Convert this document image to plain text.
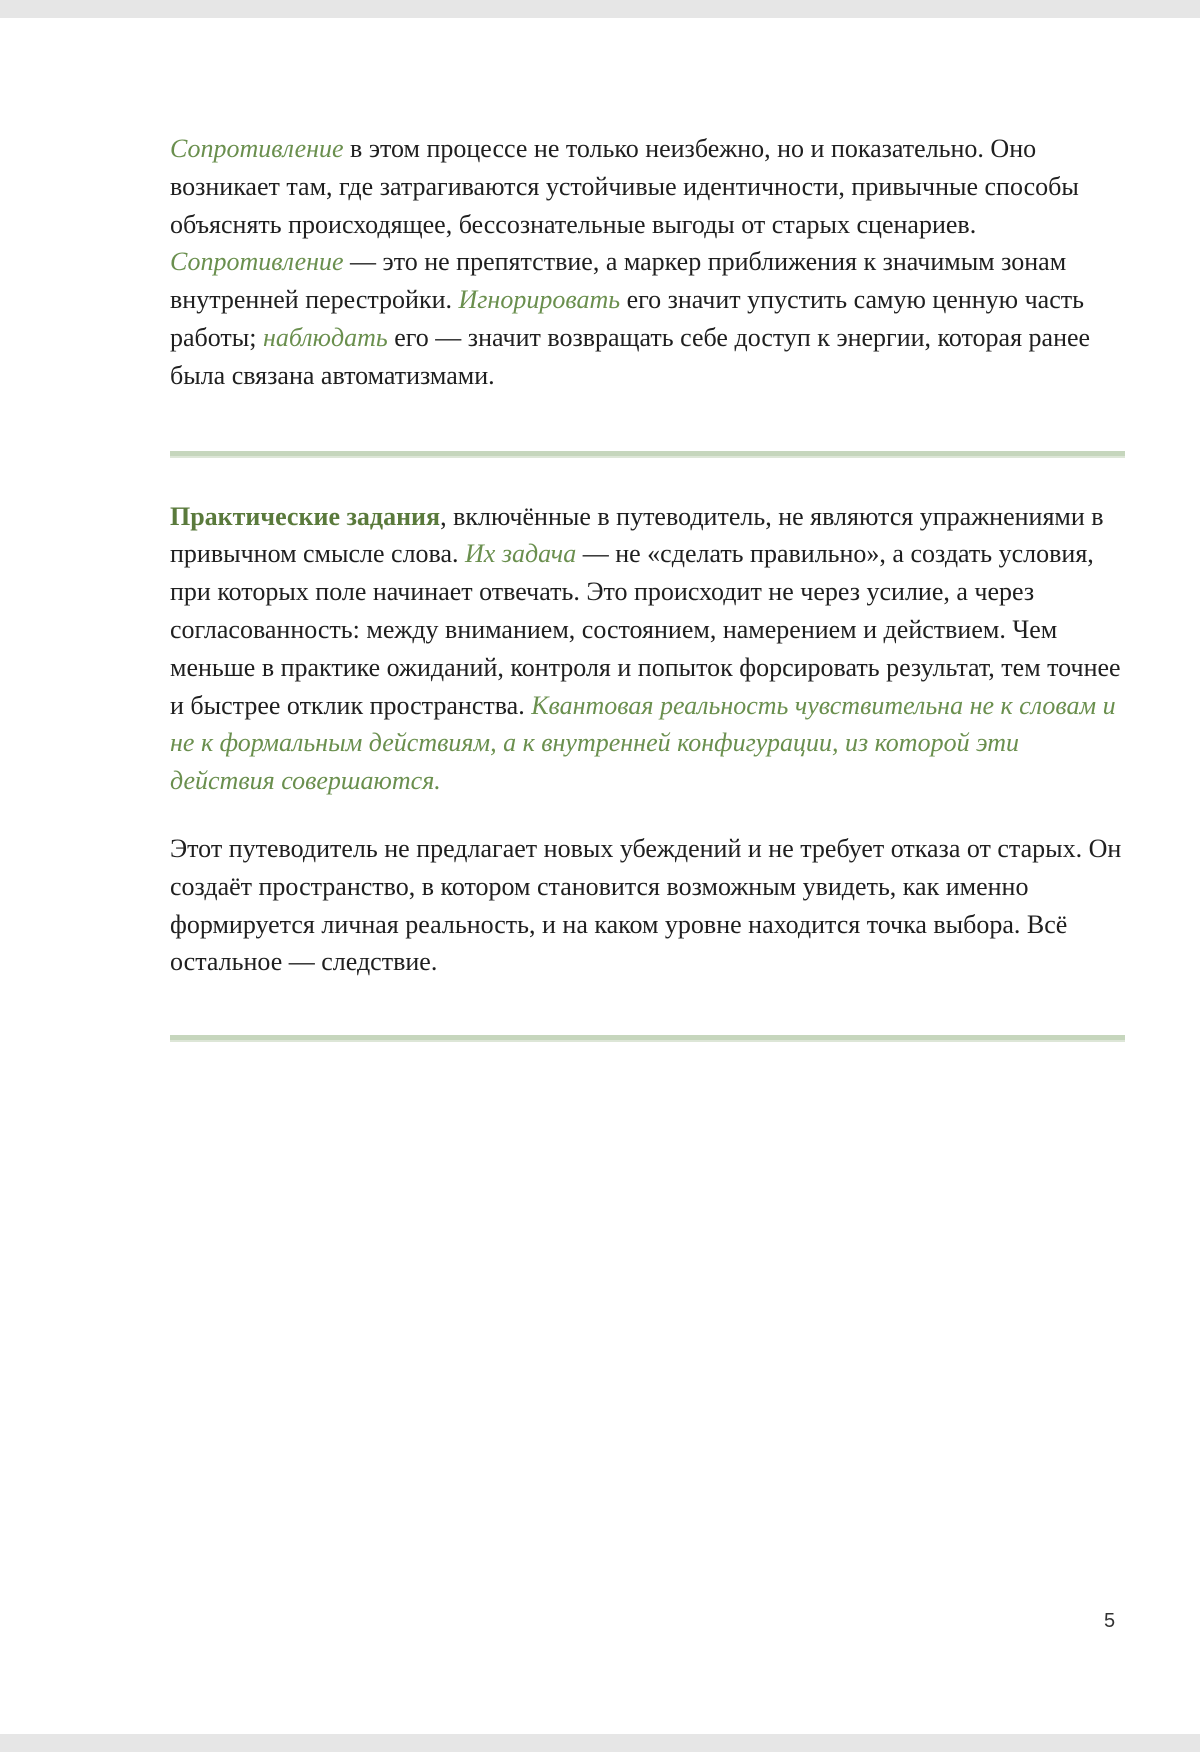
Сопротивление в этом процессе не только неизбежно, но и показательно. Оно возникает там, где затрагиваются устойчивые идентичности, привычные способы объяснять происходящее, бессознательные выгоды от старых сценариев. Сопротивление — это не препятствие, а маркер приближения к значимым зонам внутренней перестройки. Игнорировать его значит упустить самую ценную часть работы; наблюдать его — значит возвращать себе доступ к энергии, которая ранее была связана автоматизмами.

Практические задания, включённые в путеводитель, не являются упражнениями в привычном смысле слова. Их задача — не «сделать правильно», а создать условия, при которых поле начинает отвечать. Это происходит не через усилие, а через согласованность: между вниманием, состоянием, намерением и действием. Чем меньше в практике ожиданий, контроля и попыток форсировать результат, тем точнее и быстрее отклик пространства. Квантовая реальность чувствительна не к словам и не к формальным действиям, а к внутренней конфигурации, из которой эти действия совершаются.

Этот путеводитель не предлагает новых убеждений и не требует отказа от старых. Он создаёт пространство, в котором становится возможным увидеть, как именно формируется личная реальность, и на каком уровне находится точка выбора. Всё остальное — следствие.

5
